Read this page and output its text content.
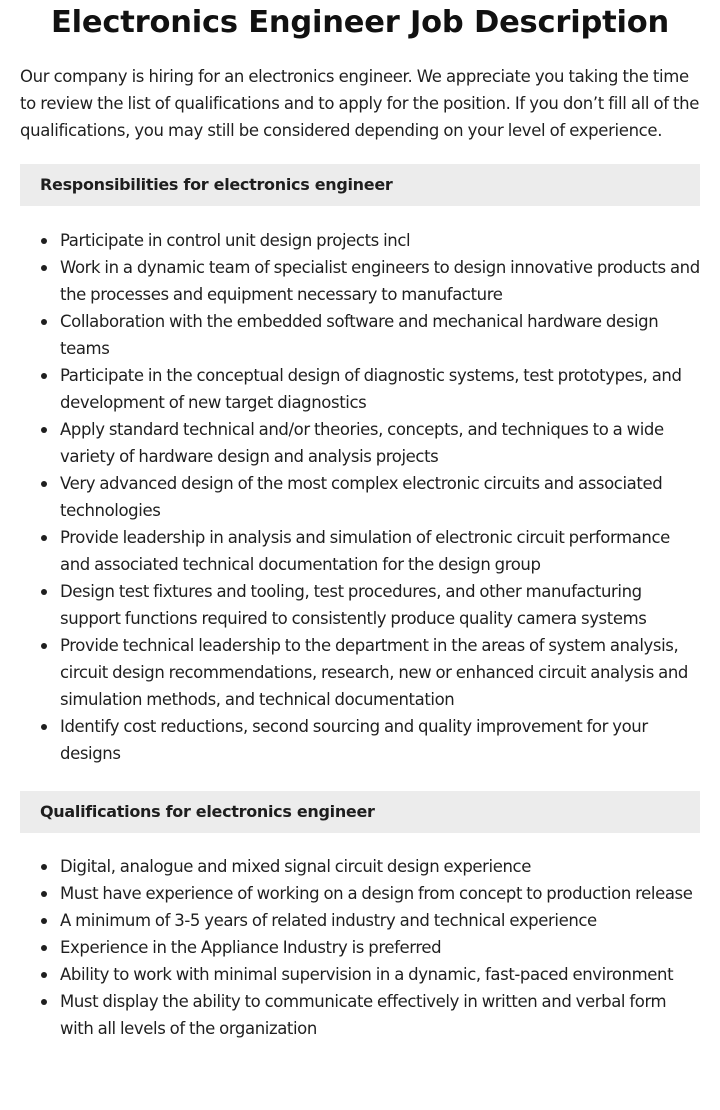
Electronics Engineer Job Description

Our company is hiring for an electronics engineer. We appreciate you taking the time to review the list of qualifications and to apply for the position. If you don’t fill all of the qualifications, you may still be considered depending on your level of experience.

Responsibilities for electronics engineer
Participate in control unit design projects incl
Work in a dynamic team of specialist engineers to design innovative products and the processes and equipment necessary to manufacture
Collaboration with the embedded software and mechanical hardware design teams
Participate in the conceptual design of diagnostic systems, test prototypes, and development of new target diagnostics
Apply standard technical and/or theories, concepts, and techniques to a wide variety of hardware design and analysis projects
Very advanced design of the most complex electronic circuits and associated technologies
Provide leadership in analysis and simulation of electronic circuit performance and associated technical documentation for the design group
Design test fixtures and tooling, test procedures, and other manufacturing support functions required to consistently produce quality camera systems
Provide technical leadership to the department in the areas of system analysis, circuit design recommendations, research, new or enhanced circuit analysis and simulation methods, and technical documentation
Identify cost reductions, second sourcing and quality improvement for your designs
Qualifications for electronics engineer
Digital, analogue and mixed signal circuit design experience
Must have experience of working on a design from concept to production release
A minimum of 3-5 years of related industry and technical experience
Experience in the Appliance Industry is preferred
Ability to work with minimal supervision in a dynamic, fast-paced environment
Must display the ability to communicate effectively in written and verbal form with all levels of the organization
